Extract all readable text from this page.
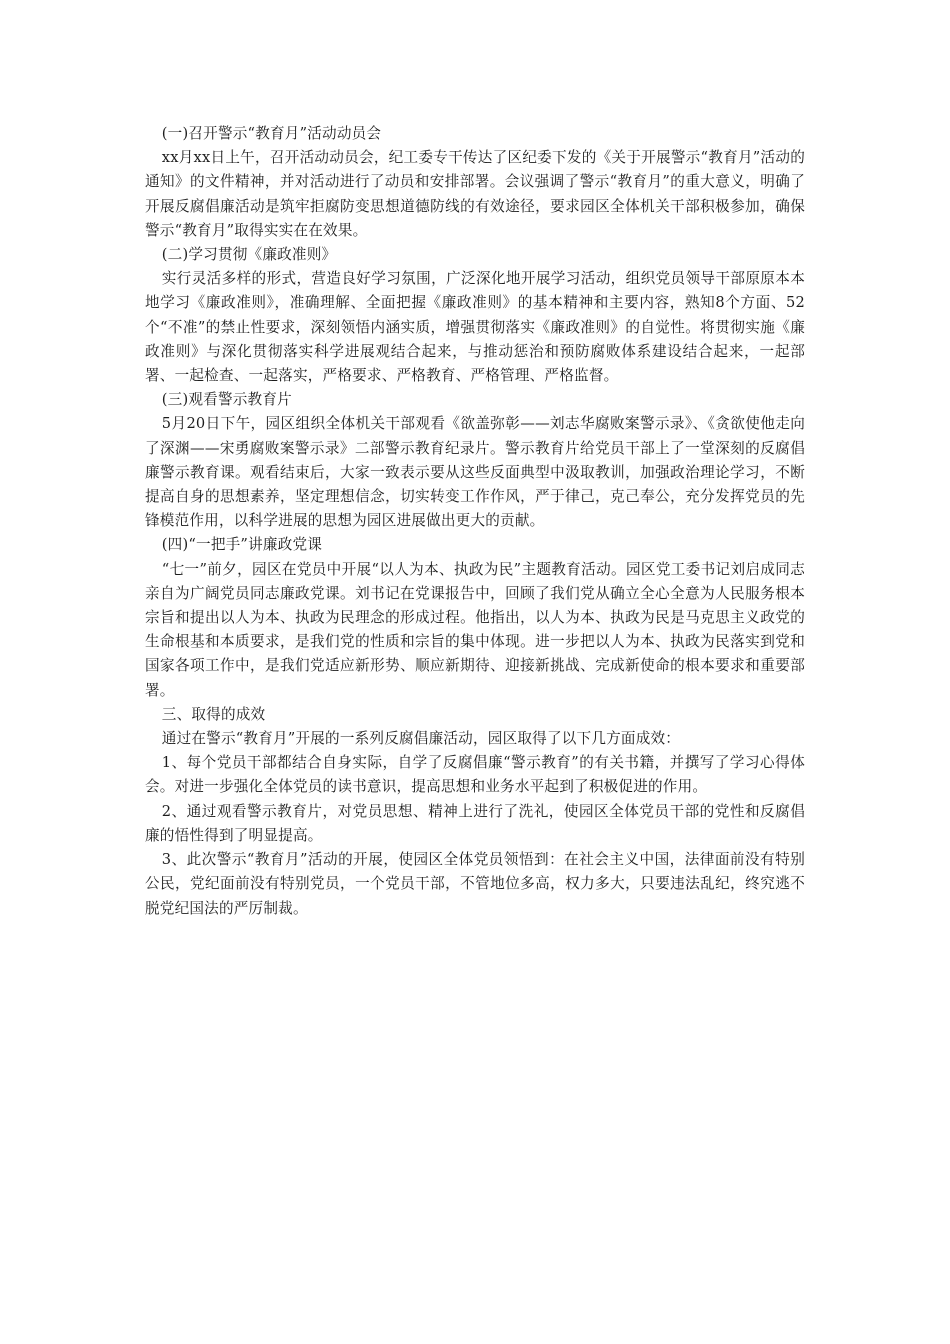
(一)召开警示“教育月”活动动员会

xx月xx日上午，召开活动动员会，纪工委专干传达了区纪委下发的《关于开展警示“教育月”活动的通知》的文件精神，并对活动进行了动员和安排部署。会议强调了警示“教育月”的重大意义，明确了开展反腐倡廉活动是筑牢拒腐防变思想道德防线的有效途径，要求园区全体机关干部积极参加，确保警示“教育月”取得实实在在效果。

(二)学习贯彻《廉政准则》

实行灵活多样的形式，营造良好学习氛围，广泛深化地开展学习活动，组织党员领导干部原原本本地学习《廉政准则》，准确理解、全面把握《廉政准则》的基本精神和主要内容，熟知8个方面、52个“不准”的禁止性要求，深刻领悟内涵实质，增强贯彻落实《廉政准则》的自觉性。将贯彻实施《廉政准则》与深化贯彻落实科学进展观结合起来，与推动惩治和预防腐败体系建设结合起来，一起部署、一起检查、一起落实，严格要求、严格教育、严格管理、严格监督。

(三)观看警示教育片

5月20日下午，园区组织全体机关干部观看《欲盖弥彰——刘志华腐败案警示录》、《贪欲使他走向了深渊——宋勇腐败案警示录》二部警示教育纪录片。警示教育片给党员干部上了一堂深刻的反腐倡廉警示教育课。观看结束后，大家一致表示要从这些反面典型中汲取教训，加强政治理论学习，不断提高自身的思想素养，坚定理想信念，切实转变工作作风，严于律己，克己奉公，充分发挥党员的先锋模范作用，以科学进展的思想为园区进展做出更大的贡献。

(四)“一把手”讲廉政党课

“七一”前夕，园区在党员中开展“以人为本、执政为民”主题教育活动。园区党工委书记刘启成同志亲自为广阔党员同志廉政党课。刘书记在党课报告中，回顾了我们党从确立全心全意为人民服务根本宗旨和提出以人为本、执政为民理念的形成过程。他指出，以人为本、执政为民是马克思主义政党的生命根基和本质要求，是我们党的性质和宗旨的集中体现。进一步把以人为本、执政为民落实到党和国家各项工作中，是我们党适应新形势、顺应新期待、迎接新挑战、完成新使命的根本要求和重要部署。

三、取得的成效

通过在警示“教育月”开展的一系列反腐倡廉活动，园区取得了以下几方面成效：

1、每个党员干部都结合自身实际，自学了反腐倡廉“警示教育”的有关书籍，并撰写了学习心得体会。对进一步强化全体党员的读书意识，提高思想和业务水平起到了积极促进的作用。

2、通过观看警示教育片，对党员思想、精神上进行了洗礼，使园区全体党员干部的党性和反腐倡廉的悟性得到了明显提高。

3、此次警示“教育月”活动的开展，使园区全体党员领悟到：在社会主义中国，法律面前没有特别公民，党纪面前没有特别党员，一个党员干部，不管地位多高，权力多大，只要违法乱纪，终究逃不脱党纪国法的严厉制裁。
